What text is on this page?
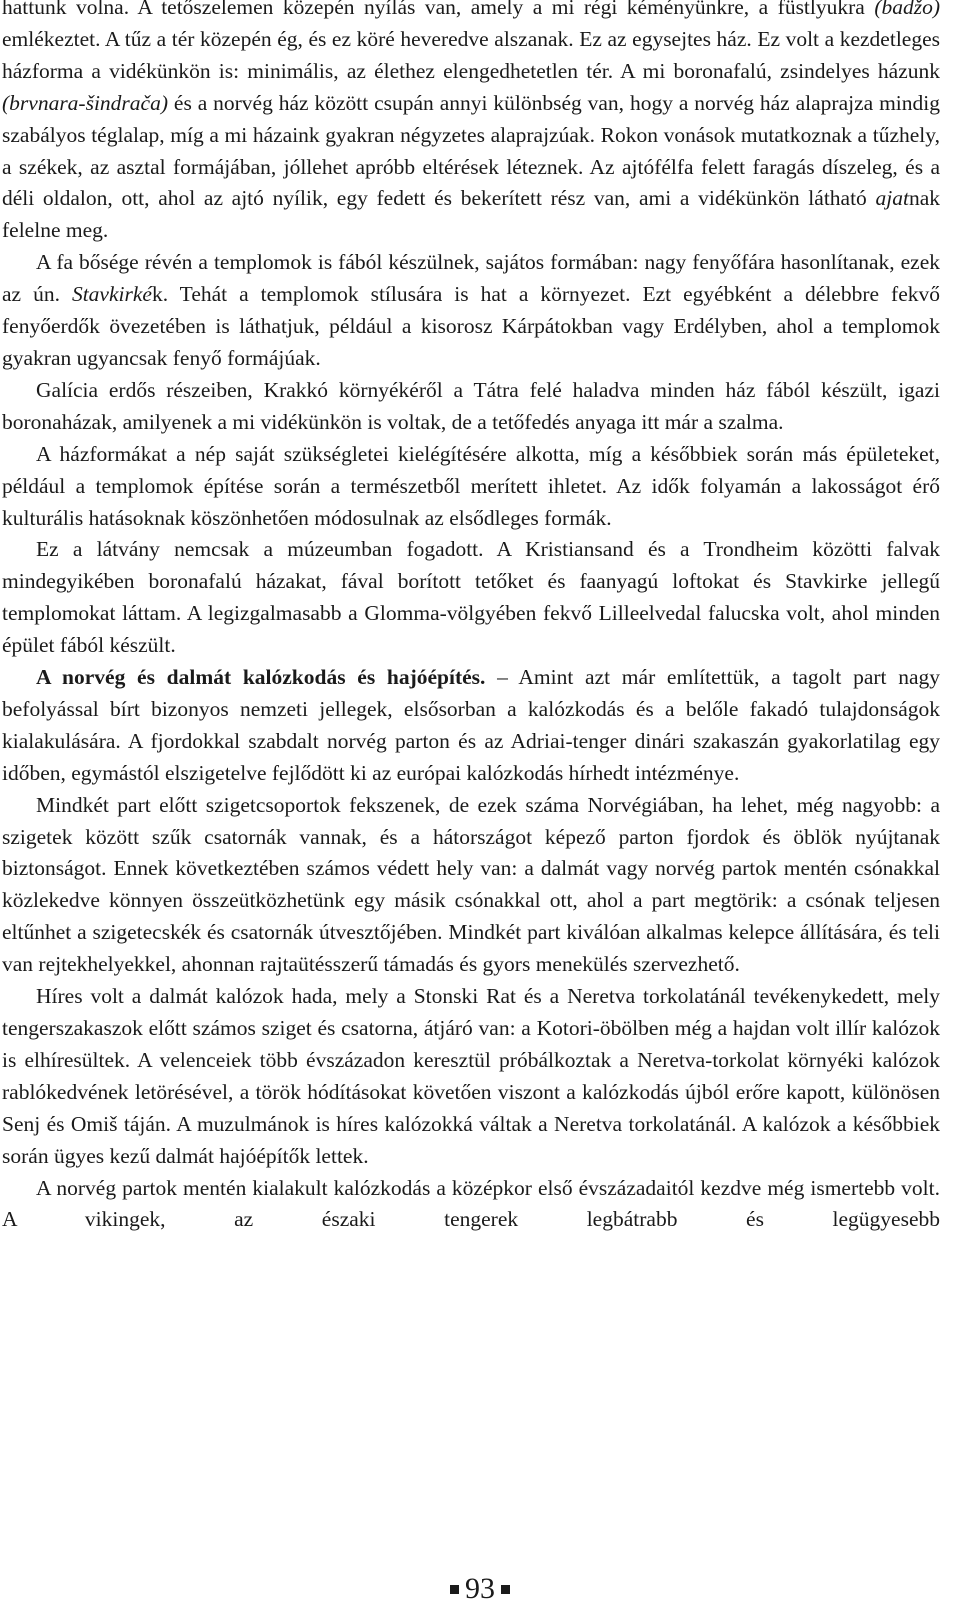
hattunk volna. A tetőszelemen közepén nyílás van, amely a mi régi kéményünkre, a füstlyukra (badžo) emlékeztet. A tűz a tér közepén ég, és ez köré heveredve alszanak. Ez az egysejtes ház. Ez volt a kezdetleges házforma a vidékünkön is: minimális, az élethez elengedhetetlen tér. A mi boronafalú, zsindelyes házunk (brvnara-šindrača) és a norvég ház között csupán annyi különbség van, hogy a norvég ház alaprajza mindig szabályos téglalap, míg a mi házaink gyakran négyzetes alaprajzúak. Rokon vonások mutatkoznak a tűzhely, a székek, az asztal formájában, jóllehet apróbb eltérések léteznek. Az ajtófélfa felett faragás díszeleg, és a déli oldalon, ott, ahol az ajtó nyílik, egy fedett és bekerített rész van, ami a vidékünkön látható ajatnak felelne meg.

A fa bősége révén a templomok is fából készülnek, sajátos formában: nagy fenyőfára hasonlítanak, ezek az ún. Stavkirkék. Tehát a templomok stílusára is hat a környezet. Ezt egyébként a délebbre fekvő fenyőerdők övezetében is láthatjuk, például a kisorosz Kárpátokban vagy Erdélyben, ahol a templomok gyakran ugyancsak fenyő formájúak.

Galícia erdős részeiben, Krakkó környékéről a Tátra felé haladva minden ház fából készült, igazi boronaházak, amilyenek a mi vidékünkön is voltak, de a tetőfedés anyaga itt már a szalma.

A házformákat a nép saját szükségletei kielégítésére alkotta, míg a későbbiek során más épületeket, például a templomok építése során a természetből merített ihletet. Az idők folyamán a lakosságot érő kulturális hatásoknak köszönhetően módosulnak az elsődleges formák.

Ez a látvány nemcsak a múzeumban fogadott. A Kristiansand és a Trondheim közötti falvak mindegyikében boronafalú házakat, fával borított tetőket és faanyagú loftokat és Stavkirke jellegű templomokat láttam. A legizgalmasabb a Glomma-völgyében fekvő Lilleelvedal falucska volt, ahol minden épület fából készült.

A norvég és dalmát kalózkodás és hajóépítés. – Amint azt már említettük, a tagolt part nagy befolyással bírt bizonyos nemzeti jellegek, elsősorban a kalózkodás és a belőle fakadó tulajdonságok kialakulására. A fjordokkal szabdalt norvég parton és az Adriai-tenger dinári szakaszán gyakorlatilag egy időben, egymástól elszigetelve fejlődött ki az európai kalózkodás hírhedt intézménye.

Mindkét part előtt szigetcsoportok fekszenek, de ezek száma Norvégiában, ha lehet, még nagyobb: a szigetek között szűk csatornák vannak, és a hátországot képező parton fjordok és öblök nyújtanak biztonságot. Ennek következtében számos védett hely van: a dalmát vagy norvég partok mentén csónakkal közlekedve könnyen összeütközhetünk egy másik csónakkal ott, ahol a part megtörik: a csónak teljesen eltűnhet a szigetecskék és csatornák útvesztőjében. Mindkét part kiválóan alkalmas kelepce állítására, és teli van rejtekhelyekkel, ahonnan rajtaütésszerű támadás és gyors menekülés szervezhető.

Híres volt a dalmát kalózok hada, mely a Stonski Rat és a Neretva torkolatánál tevékenykedett, mely tengerszakaszok előtt számos sziget és csatorna, átjáró van: a Kotori-öbölben még a hajdan volt illír kalózok is elhíresültek. A velenceiek több évszázadon keresztül próbálkoztak a Neretva-torkolat környéki kalózok rablókedvének letörésével, a török hódításokat követően viszont a kalózkodás újból erőre kapott, különösen Senj és Omiš táján. A muzulmánok is híres kalózokká váltak a Neretva torkolatánál. A kalózok a későbbiek során ügyes kezű dalmát hajóépítők lettek.

A norvég partok mentén kialakult kalózkodás a középkor első évszázadaitól kezdve még ismertebb volt. A vikingek, az északi tengerek legbátrabb és legügyesebb

93
